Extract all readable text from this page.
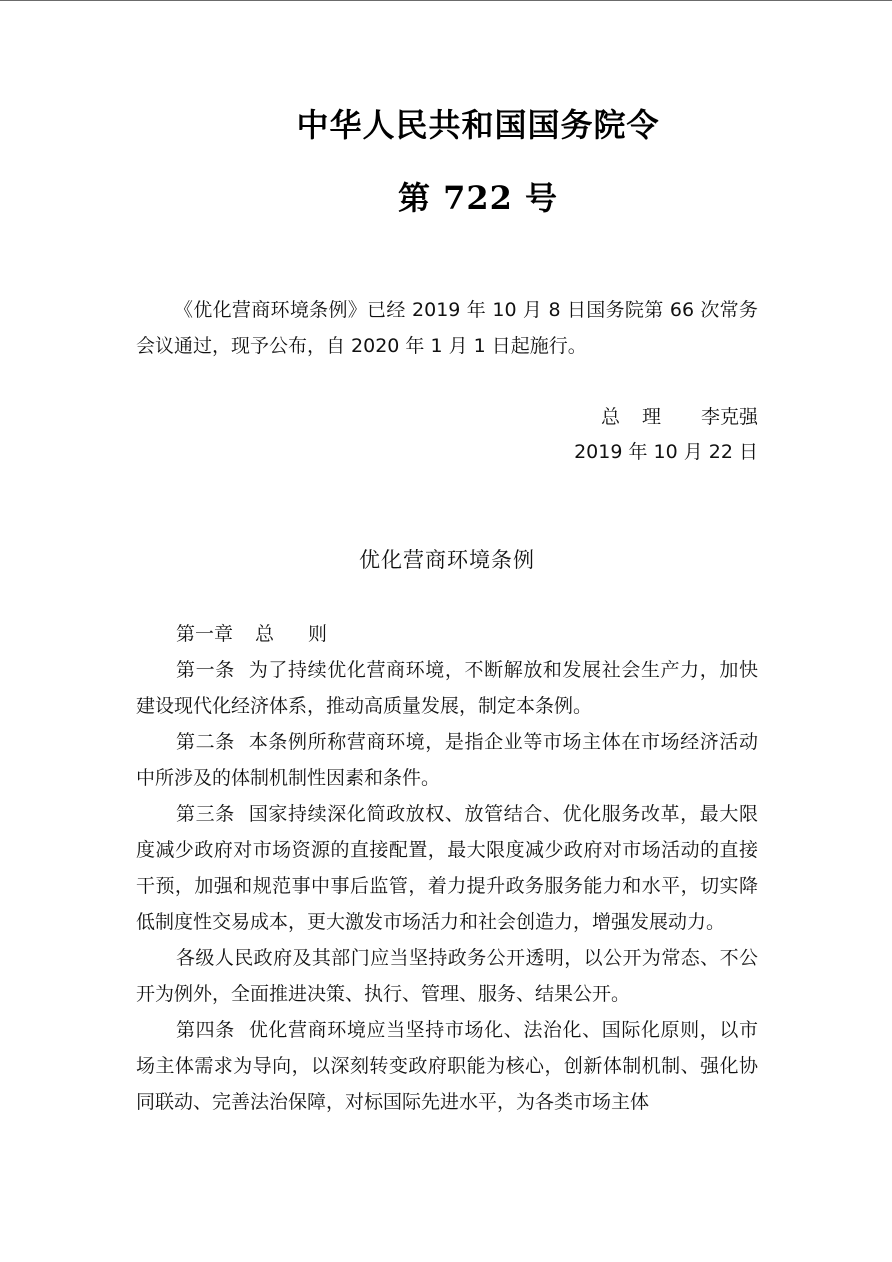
中华人民共和国国务院令
第 722 号

《优化营商环境条例》已经 2019 年 10 月 8 日国务院第 66 次常务会议通过，现予公布，自 2020 年 1 月 1 日起施行。

总 理 李克强
2019 年 10 月 22 日
优化营商环境条例

第一章 总 则

第一条 为了持续优化营商环境，不断解放和发展社会生产力，加快建设现代化经济体系，推动高质量发展，制定本条例。

第二条 本条例所称营商环境，是指企业等市场主体在市场经济活动中所涉及的体制机制性因素和条件。

第三条 国家持续深化简政放权、放管结合、优化服务改革，最大限度减少政府对市场资源的直接配置，最大限度减少政府对市场活动的直接干预，加强和规范事中事后监管，着力提升政务服务能力和水平，切实降低制度性交易成本，更大激发市场活力和社会创造力，增强发展动力。

各级人民政府及其部门应当坚持政务公开透明，以公开为常态、不公开为例外，全面推进决策、执行、管理、服务、结果公开。

第四条 优化营商环境应当坚持市场化、法治化、国际化原则，以市场主体需求为导向，以深刻转变政府职能为核心，创新体制机制、强化协同联动、完善法治保障，对标国际先进水平，为各类市场主体
